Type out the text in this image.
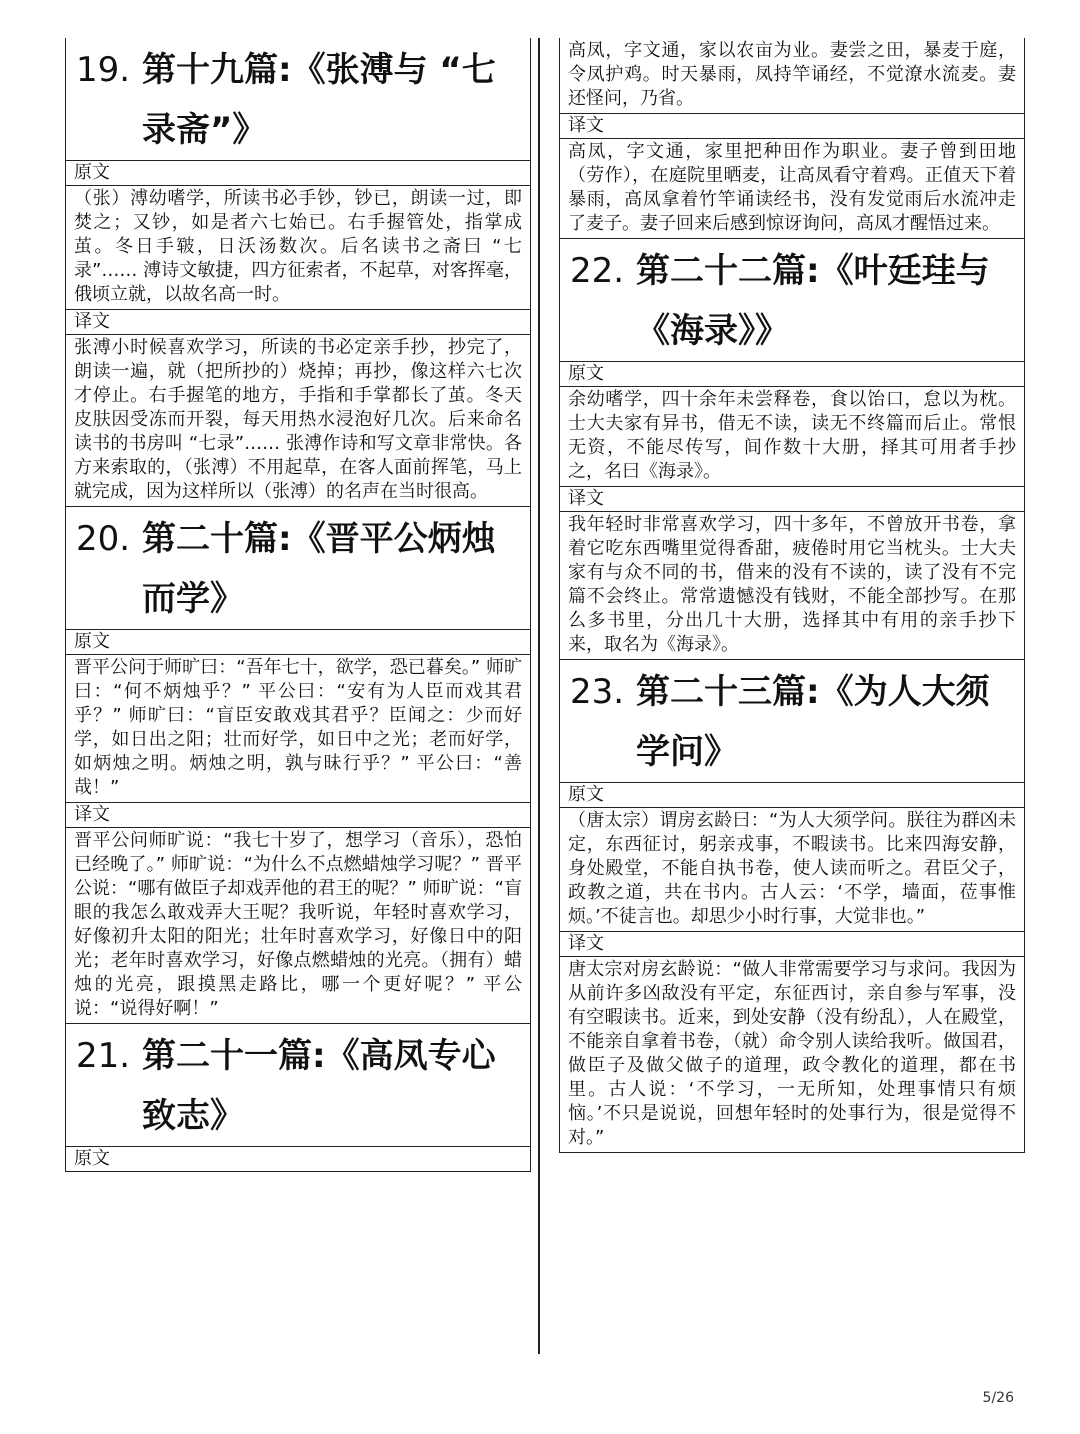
19. 第十九篇:《张溥与 “七录斋”》
原文
（张）溥幼嗜学，所读书必手钞，钞已，朗读一过，即焚之；又钞，如是者六七始已。右手握管处，指掌成茧。冬日手皲，日沃汤数次。后名读书之斋曰 “七录”…… 溥诗文敏捷，四方征索者，不起草，对客挥毫，俄顷立就，以故名高一时。
译文
张溥小时候喜欢学习，所读的书必定亲手抄，抄完了，朗读一遍，就（把所抄的）烧掉；再抄，像这样六七次才停止。右手握笔的地方，手指和手掌都长了茧。冬天皮肤因受冻而开裂，每天用热水浸泡好几次。后来命名读书的书房叫 “七录”…… 张溥作诗和写文章非常快。各方来索取的，（张溥）不用起草，在客人面前挥笔，马上就完成，因为这样所以（张溥）的名声在当时很高。
20. 第二十篇:《晋平公炳烛而学》
原文
晋平公问于师旷曰：“吾年七十，欲学，恐已暮矣。” 师旷曰：“何不炳烛乎？” 平公曰：“安有为人臣而戏其君乎？” 师旷曰：“盲臣安敢戏其君乎？臣闻之：少而好学，如日出之阳；壮而好学，如日中之光；老而好学，如炳烛之明。炳烛之明，孰与昧行乎？” 平公曰：“善哉！”
译文
晋平公问师旷说：“我七十岁了，想学习（音乐），恐怕已经晚了。” 师旷说：“为什么不点燃蜡烛学习呢？” 晋平公说：“哪有做臣子却戏弄他的君王的呢？” 师旷说：“盲眼的我怎么敢戏弄大王呢？我听说，年轻时喜欢学习，好像初升太阳的阳光；壮年时喜欢学习，好像日中的阳光；老年时喜欢学习，好像点燃蜡烛的光亮。（拥有）蜡烛的光亮，跟摸黑走路比，哪一个更好呢？” 平公说：“说得好啊！”
21. 第二十一篇:《高凤专心致志》
原文
高凤，字文通，家以农亩为业。妻尝之田，暴麦于庭，令凤护鸡。时天暴雨，凤持竿诵经，不觉潦水流麦。妻还怪问，乃省。
译文
高凤，字文通，家里把种田作为职业。妻子曾到田地（劳作），在庭院里晒麦，让高凤看守着鸡。正值天下着暴雨，高凤拿着竹竿诵读经书，没有发觉雨后水流冲走了麦子。妻子回来后感到惊讶询问，高凤才醒悟过来。
22. 第二十二篇:《叶廷珪与《海录》》
原文
余幼嗜学，四十余年未尝释卷，食以饴口，怠以为枕。士大夫家有异书，借无不读，读无不终篇而后止。常恨无资，不能尽传写，间作数十大册，择其可用者手抄之，名曰《海录》。
译文
我年轻时非常喜欢学习，四十多年，不曾放开书卷，拿着它吃东西嘴里觉得香甜，疲倦时用它当枕头。士大夫家有与众不同的书，借来的没有不读的，读了没有不完篇不会终止。常常遗憾没有钱财，不能全部抄写。在那么多书里，分出几十大册，选择其中有用的亲手抄下来，取名为《海录》。
23. 第二十三篇:《为人大须学问》
原文
（唐太宗）谓房玄龄曰：“为人大须学问。朕往为群凶未定，东西征讨，躬亲戎事，不暇读书。比来四海安静，身处殿堂，不能自执书卷，使人读而听之。君臣父子，政教之道，共在书内。古人云：‘不学，墙面，莅事惟烦。’不徒言也。却思少小时行事，大觉非也。”
译文
唐太宗对房玄龄说：“做人非常需要学习与求问。我因为从前许多凶敌没有平定，东征西讨，亲自参与军事，没有空暇读书。近来，到处安静（没有纷乱），人在殿堂，不能亲自拿着书卷，（就）命令别人读给我听。做国君，做臣子及做父做子的道理，政令教化的道理，都在书里。古人说：‘不学习，一无所知，处理事情只有烦恼。’不只是说说，回想年轻时的处事行为，很是觉得不对。”
5/26
